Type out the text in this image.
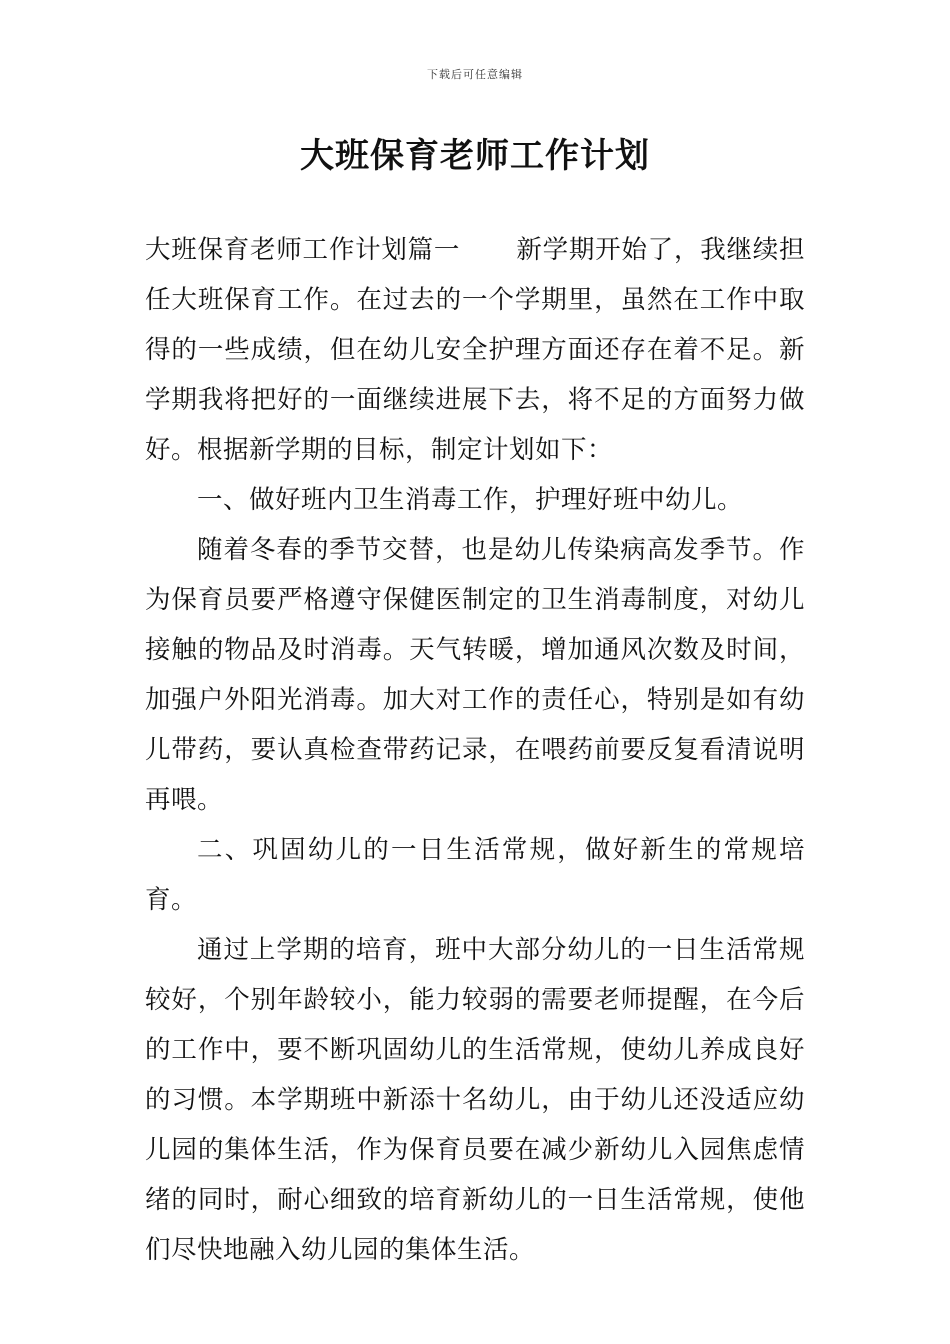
下载后可任意编辑
大班保育老师工作计划

大班保育老师工作计划篇一 新学期开始了，我继续担任大班保育工作。在过去的一个学期里，虽然在工作中取得的一些成绩，但在幼儿安全护理方面还存在着不足。新学期我将把好的一面继续进展下去，将不足的方面努力做好。根据新学期的目标，制定计划如下：

一、做好班内卫生消毒工作，护理好班中幼儿。

随着冬春的季节交替，也是幼儿传染病高发季节。作为保育员要严格遵守保健医制定的卫生消毒制度，对幼儿接触的物品及时消毒。天气转暖，增加通风次数及时间，加强户外阳光消毒。加大对工作的责任心，特别是如有幼儿带药，要认真检查带药记录，在喂药前要反复看清说明再喂。

二、巩固幼儿的一日生活常规，做好新生的常规培育。

通过上学期的培育，班中大部分幼儿的一日生活常规较好，个别年龄较小，能力较弱的需要老师提醒，在今后的工作中，要不断巩固幼儿的生活常规，使幼儿养成良好的习惯。本学期班中新添十名幼儿，由于幼儿还没适应幼儿园的集体生活，作为保育员要在减少新幼儿入园焦虑情绪的同时，耐心细致的培育新幼儿的一日生活常规，使他们尽快地融入幼儿园的集体生活。
